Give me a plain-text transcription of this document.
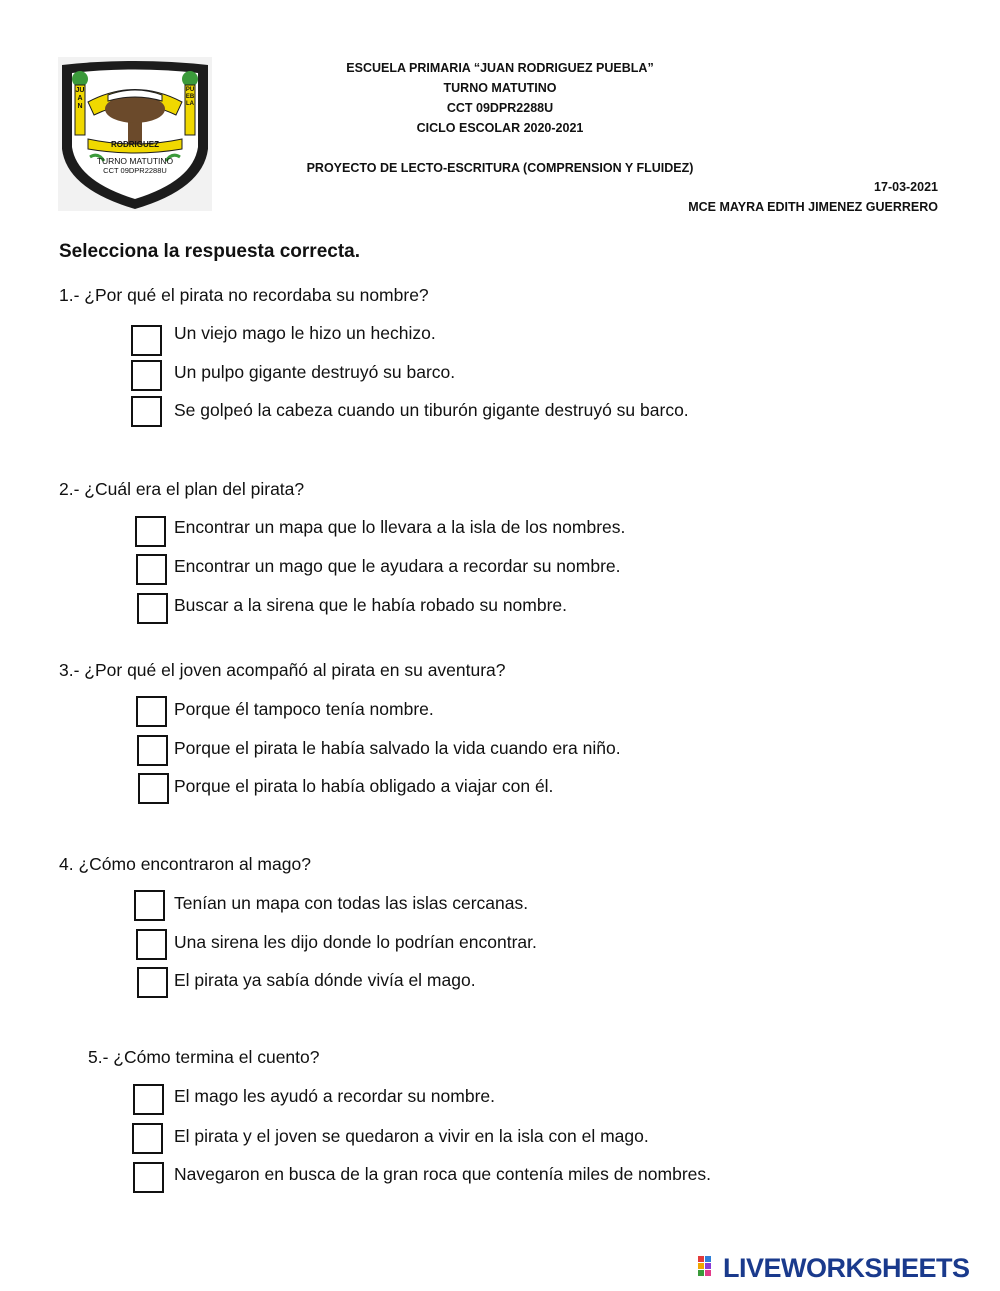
JUAN
PUEBLA
RODRIGUEZ
TURNO MATUTINO
CCT 09DPR2288U
ESCUELA PRIMARIA “JUAN RODRIGUEZ PUEBLA”
TURNO MATUTINO
CCT 09DPR2288U
CICLO ESCOLAR 2020-2021
PROYECTO DE LECTO-ESCRITURA (COMPRENSION Y FLUIDEZ)
17-03-2021
MCE MAYRA EDITH JIMENEZ GUERRERO
Selecciona la respuesta correcta.
1.- ¿Por qué el pirata no recordaba su nombre?
Un viejo mago le hizo un hechizo.
Un pulpo gigante destruyó su barco.
Se golpeó la cabeza cuando un tiburón gigante destruyó su barco.
2.- ¿Cuál era el plan del pirata?
Encontrar un mapa que lo llevara a la isla de los nombres.
Encontrar un mago que le ayudara a recordar su nombre.
Buscar a la sirena que le había robado su nombre.
3.- ¿Por qué el joven acompañó al pirata en su aventura?
Porque él tampoco tenía nombre.
Porque el pirata le había salvado la vida cuando era niño.
Porque el pirata lo había obligado a viajar con él.
4. ¿Cómo encontraron al mago?
Tenían un mapa con todas las islas cercanas.
Una sirena les dijo donde lo podrían encontrar.
El pirata ya sabía dónde vivía el mago.
5.- ¿Cómo termina el cuento?
El mago les ayudó a recordar su nombre.
El pirata y el joven se quedaron a vivir en la isla con el mago.
Navegaron en busca de la gran roca que contenía miles de nombres.
LIVEWORKSHEETS
